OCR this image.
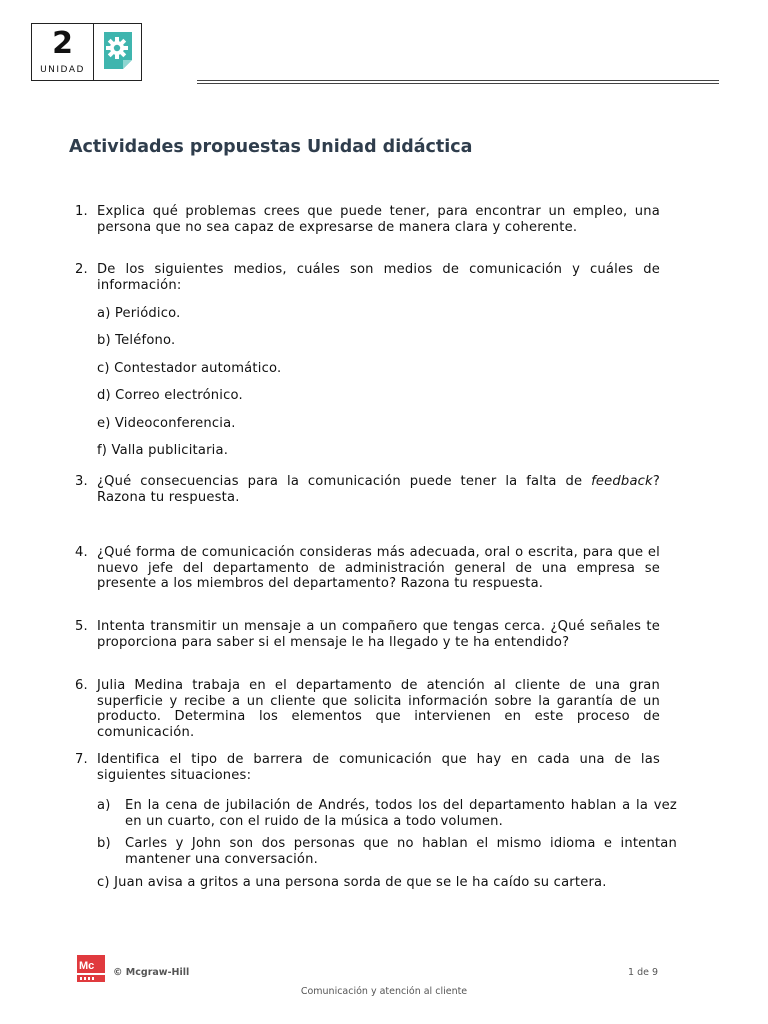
2
UNIDAD
Actividades propuestas Unidad didáctica
1. Explica qué problemas crees que puede tener, para encontrar un empleo, una persona que no sea capaz de expresarse de manera clara y coherente.
2. De los siguientes medios, cuáles son medios de comunicación y cuáles de información:
a) Periódico.
b) Teléfono.
c) Contestador automático.
d) Correo electrónico.
e) Videoconferencia.
f) Valla publicitaria.
3. ¿Qué consecuencias para la comunicación puede tener la falta de feedback? Razona tu respuesta.
4. ¿Qué forma de comunicación consideras más adecuada, oral o escrita, para que el nuevo jefe del departamento de administración general de una empresa se presente a los miembros del departamento? Razona tu respuesta.
5. Intenta transmitir un mensaje a un compañero que tengas cerca. ¿Qué señales te proporciona para saber si el mensaje le ha llegado y te ha entendido?
6. Julia Medina trabaja en el departamento de atención al cliente de una gran superficie y recibe a un cliente que solicita información sobre la garantía de un producto. Determina los elementos que intervienen en este proceso de comunicación.
7. Identifica el tipo de barrera de comunicación que hay en cada una de las siguientes situaciones:
a) En la cena de jubilación de Andrés, todos los del departamento hablan a la vez en un cuarto, con el ruido de la música a todo volumen.
b) Carles y John son dos personas que no hablan el mismo idioma e intentan mantener una conversación.
c) Juan avisa a gritos a una persona sorda de que se le ha caído su cartera.
Mc
© Mcgraw-Hill	1 de 9
Comunicación y atención al cliente
